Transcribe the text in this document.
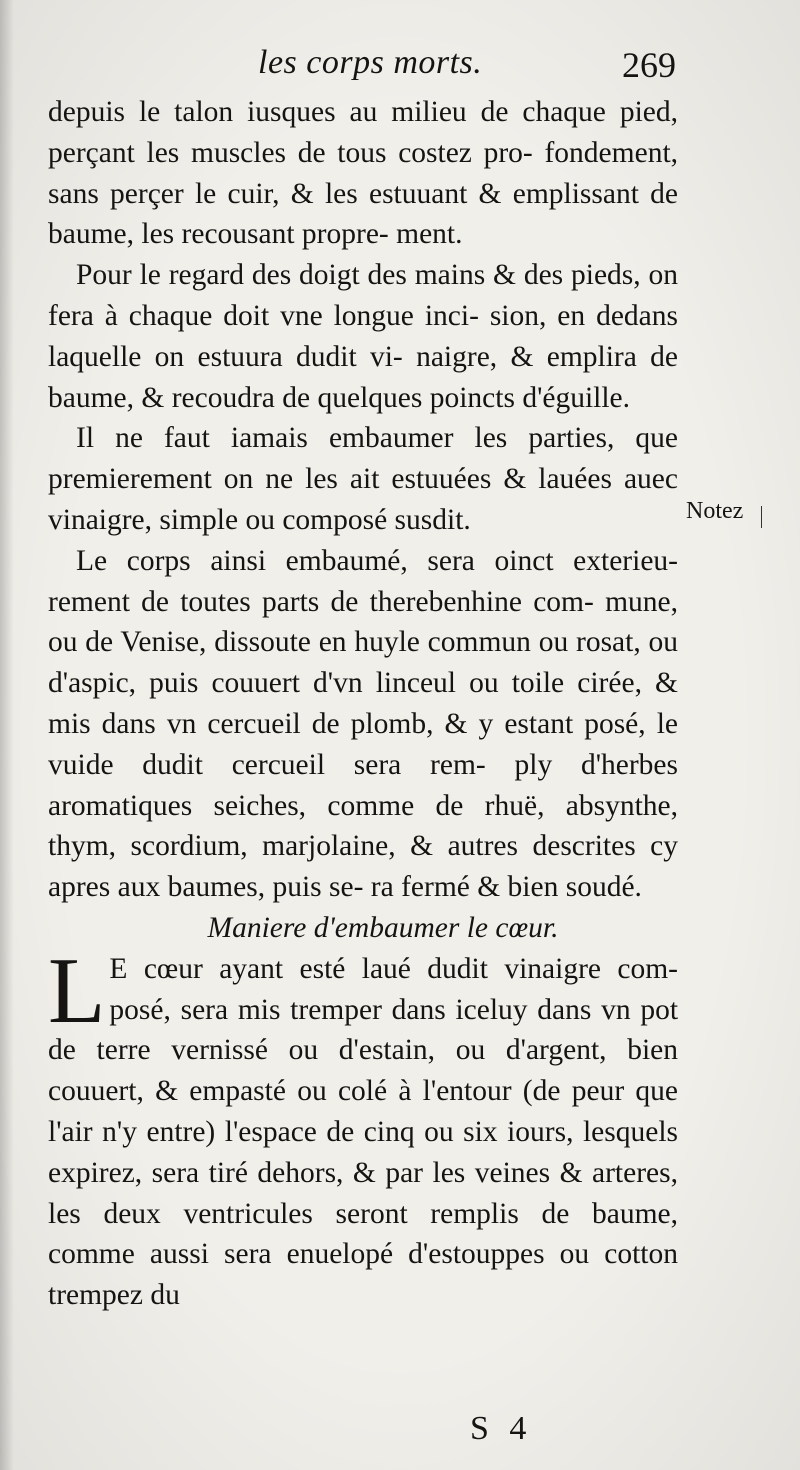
les corps morts.	269

depuis le talon iusques au milieu de chaque pied, perçant les muscles de tous costez pro- fondement, sans perçer le cuir, & les estuuant & emplissant de baume, les recousant propre- ment.

Pour le regard des doigt des mains & des pieds, on fera à chaque doit vne longue inci- sion, en dedans laquelle on estuura dudit vi- naigre, & emplira de baume, & recoudra de quelques poincts d'éguille.

Il ne faut iamais embaumer les parties, que premierement on ne les ait estuuées & lauées auec vinaigre, simple ou composé susdit.

Le corps ainsi embaumé, sera oinct exterieu- rement de toutes parts de therebenhine com- mune, ou de Venise, dissoute en huyle commun ou rosat, ou d'aspic, puis couuert d'vn linceul ou toile cirée, & mis dans vn cercueil de plomb, & y estant posé, le vuide dudit cercueil sera rem- ply d'herbes aromatiques seiches, comme de rhuë, absynthe, thym, scordium, marjolaine, & autres descrites cy apres aux baumes, puis se- ra fermé & bien soudé.

Maniere d'embaumer le cœur.

L E cœur ayant esté laué dudit vinaigre com- posé, sera mis tremper dans iceluy dans vn pot de terre vernissé ou d'estain, ou d'argent, bien couuert, & empasté ou colé à l'entour (de peur que l'air n'y entre) l'espace de cinq ou six iours, lesquels expirez, sera tiré dehors, & par les veines & arteres, les deux ventricules seront remplis de baume, comme aussi sera enuelopé d'estouppes ou cotton trempez du

Notez
S 4
